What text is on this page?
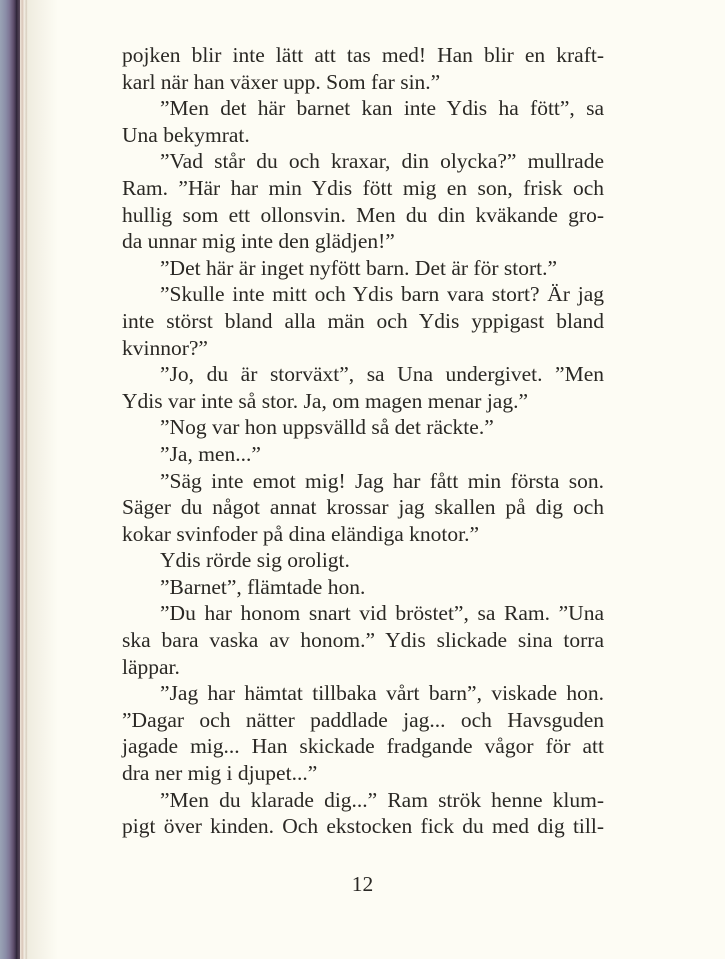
pojken blir inte lätt att tas med! Han blir en kraft-
karl när han växer upp. Som far sin.”
”Men det här barnet kan inte Ydis ha fött”, sa
Una bekymrat.
”Vad står du och kraxar, din olycka?” mullrade
Ram. ”Här har min Ydis fött mig en son, frisk och
hullig som ett ollonsvin. Men du din kväkande gro-
da unnar mig inte den glädjen!”
”Det här är inget nyfött barn. Det är för stort.”
”Skulle inte mitt och Ydis barn vara stort? Är jag
inte störst bland alla män och Ydis yppigast bland
kvinnor?”
”Jo, du är storväxt”, sa Una undergivet. ”Men
Ydis var inte så stor. Ja, om magen menar jag.”
”Nog var hon uppsvälld så det räckte.”
”Ja, men...”
”Säg inte emot mig! Jag har fått min första son.
Säger du något annat krossar jag skallen på dig och
kokar svinfoder på dina eländiga knotor.”
Ydis rörde sig oroligt.
”Barnet”, flämtade hon.
”Du har honom snart vid bröstet”, sa Ram. ”Una
ska bara vaska av honom.” Ydis slickade sina torra
läppar.
”Jag har hämtat tillbaka vårt barn”, viskade hon.
”Dagar och nätter paddlade jag... och Havsguden
jagade mig... Han skickade fradgande vågor för att
dra ner mig i djupet...”
”Men du klarade dig...” Ram strök henne klum-
pigt över kinden. Och ekstocken fick du med dig till-
12
